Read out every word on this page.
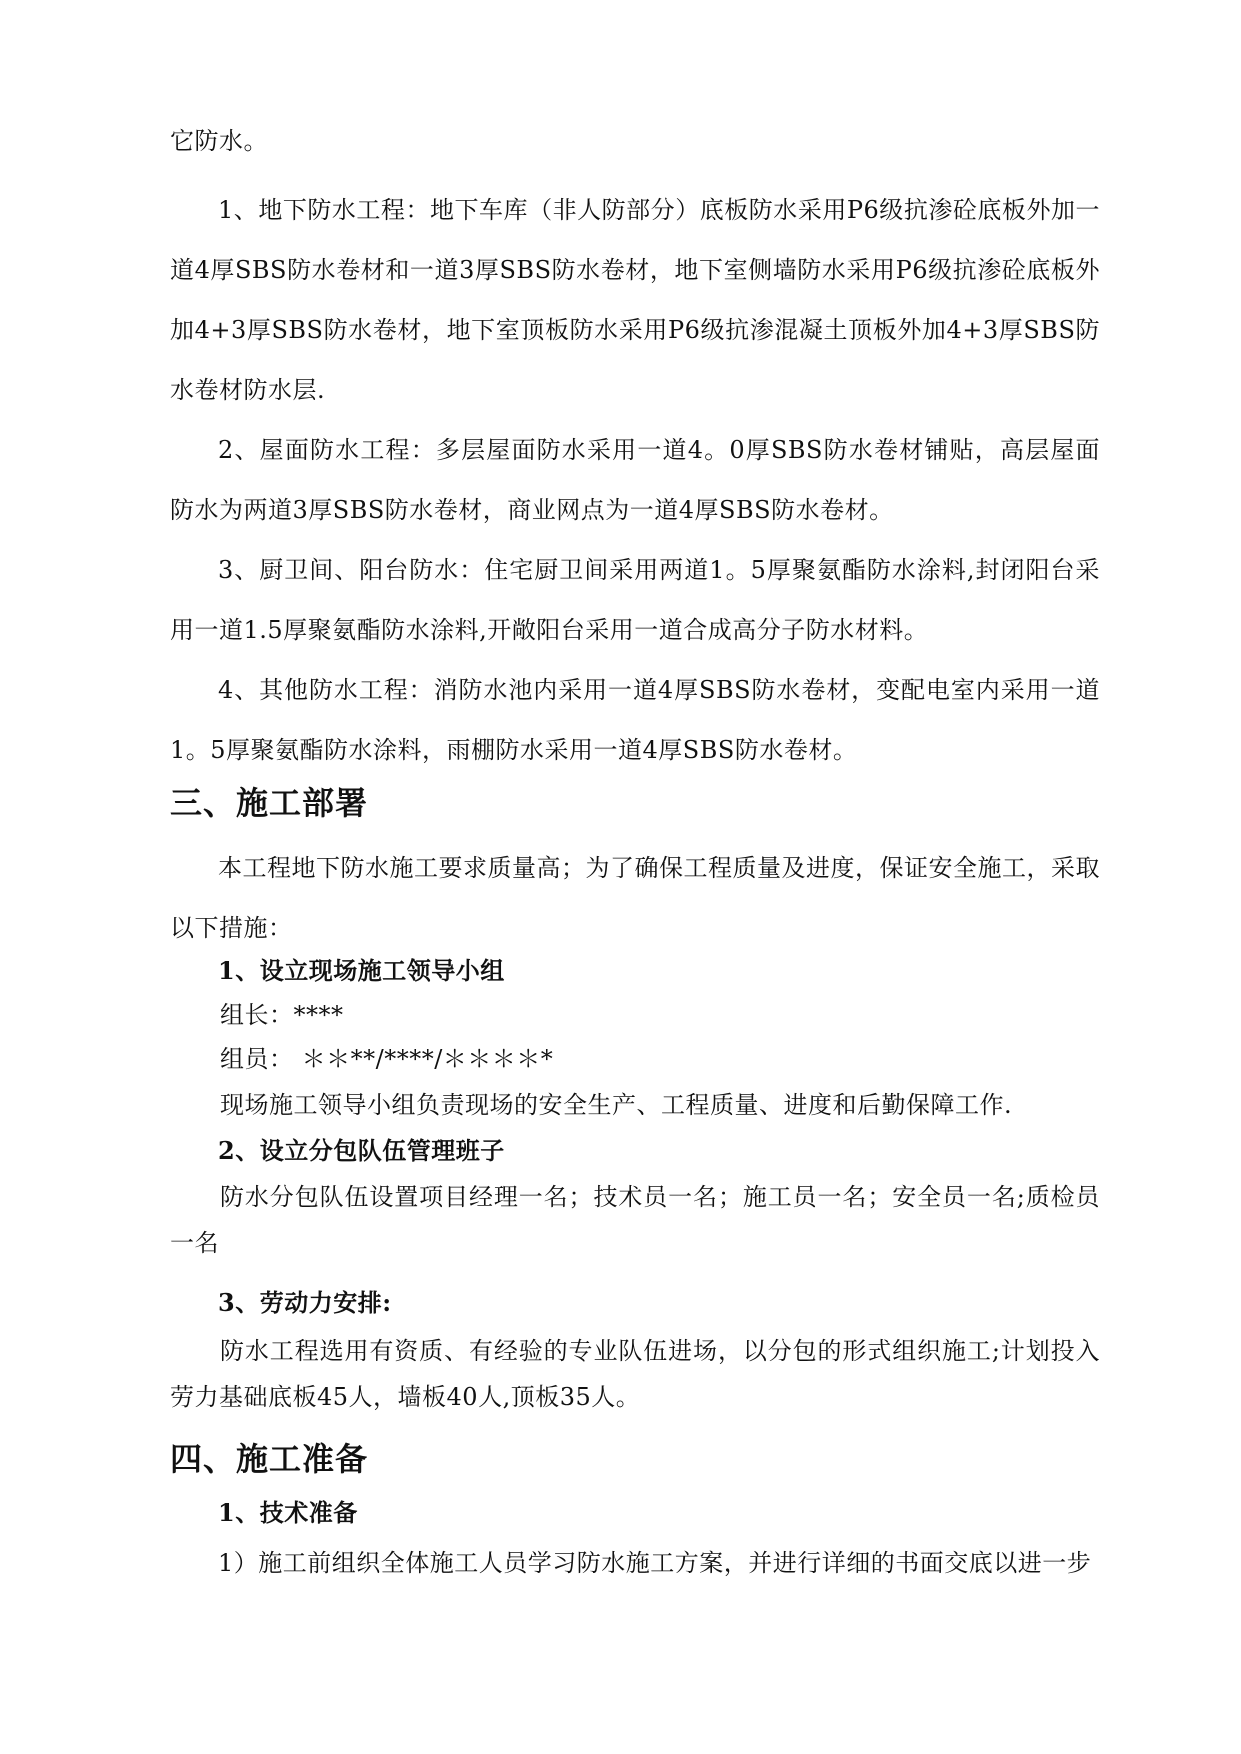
它防水。

1、地下防水工程：地下车库（非人防部分）底板防水采用P6级抗渗砼底板外加一道4厚SBS防水卷材和一道3厚SBS防水卷材，地下室侧墙防水采用P6级抗渗砼底板外加4+3厚SBS防水卷材，地下室顶板防水采用P6级抗渗混凝土顶板外加4+3厚SBS防水卷材防水层.

2、屋面防水工程：多层屋面防水采用一道4。0厚SBS防水卷材铺贴，高层屋面防水为两道3厚SBS防水卷材，商业网点为一道4厚SBS防水卷材。

3、厨卫间、阳台防水：住宅厨卫间采用两道1。5厚聚氨酯防水涂料,封闭阳台采用一道1.5厚聚氨酯防水涂料,开敞阳台采用一道合成高分子防水材料。

4、其他防水工程：消防水池内采用一道4厚SBS防水卷材，变配电室内采用一道1。5厚聚氨酯防水涂料，雨棚防水采用一道4厚SBS防水卷材。

三、施工部署

本工程地下防水施工要求质量高；为了确保工程质量及进度，保证安全施工，采取以下措施：

1、设立现场施工领导小组

组长：****

组员： ＊＊**/****/＊＊＊＊*

现场施工领导小组负责现场的安全生产、工程质量、进度和后勤保障工作.

2、设立分包队伍管理班子

防水分包队伍设置项目经理一名；技术员一名；施工员一名；安全员一名;质检员一名

3、劳动力安排:

防水工程选用有资质、有经验的专业队伍进场，以分包的形式组织施工;计划投入劳力基础底板45人，墙板40人,顶板35人。

四、施工准备
1、技术准备

1）施工前组织全体施工人员学习防水施工方案，并进行详细的书面交底以进一步
